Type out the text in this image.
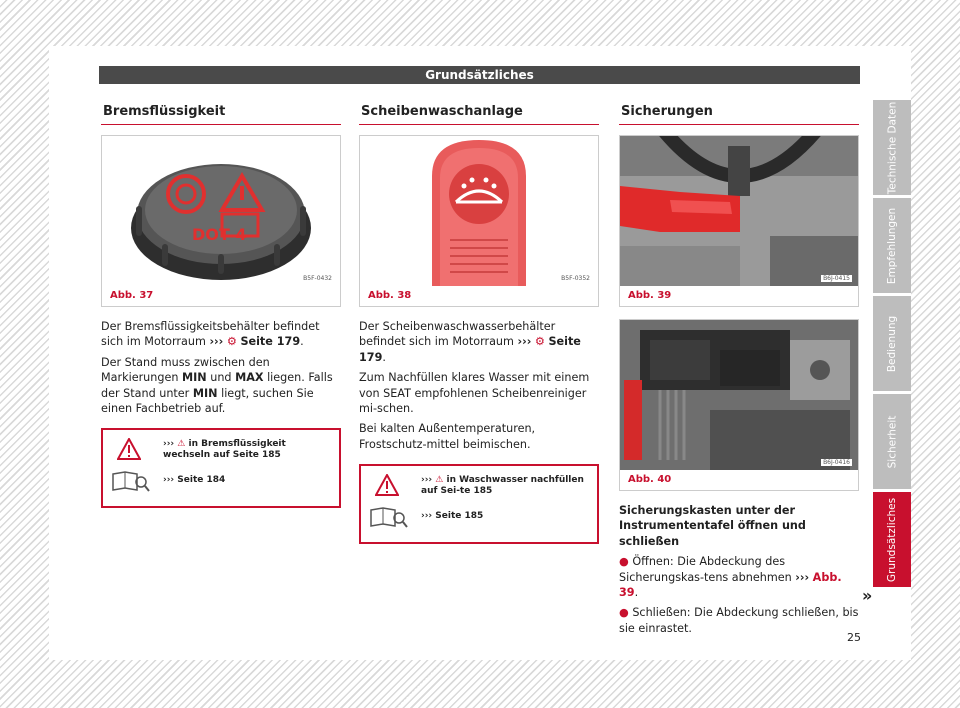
Grundsätzliches
Bremsflüssigkeit
DOT 4
B5F-0432
Abb. 37

Der Bremsflüssigkeitsbehälter befindet sich im Motorraum ››› ⚙ Seite 179.

Der Stand muss zwischen den Markierungen MIN und MAX liegen. Falls der Stand unter MIN liegt, suchen Sie einen Fachbetrieb auf.

››› ⚠ in Bremsflüssigkeit wechseln auf Seite 185
››› Seite 184
Scheibenwaschanlage
B5F-0352
Abb. 38

Der Scheibenwaschwasserbehälter befindet sich im Motorraum ››› ⚙ Seite 179.

Zum Nachfüllen klares Wasser mit einem von SEAT empfohlenen Scheibenreiniger mi-schen.

Bei kalten Außentemperaturen, Frostschutz-mittel beimischen.

››› ⚠ in Waschwasser nachfüllen auf Sei-te 185
››› Seite 185
Sicherungen
B6J-0415
Abb. 39
B6J-0416
Abb. 40

Sicherungskasten unter der Instrumententafel öffnen und schließen

● Öffnen: Die Abdeckung des Sicherungskas-tens abnehmen ››› Abb. 39.

● Schließen: Die Abdeckung schließen, bis sie einrastet.

»
Technische Daten
Empfehlungen
Bedienung
Sicherheit
Grundsätzliches
25
